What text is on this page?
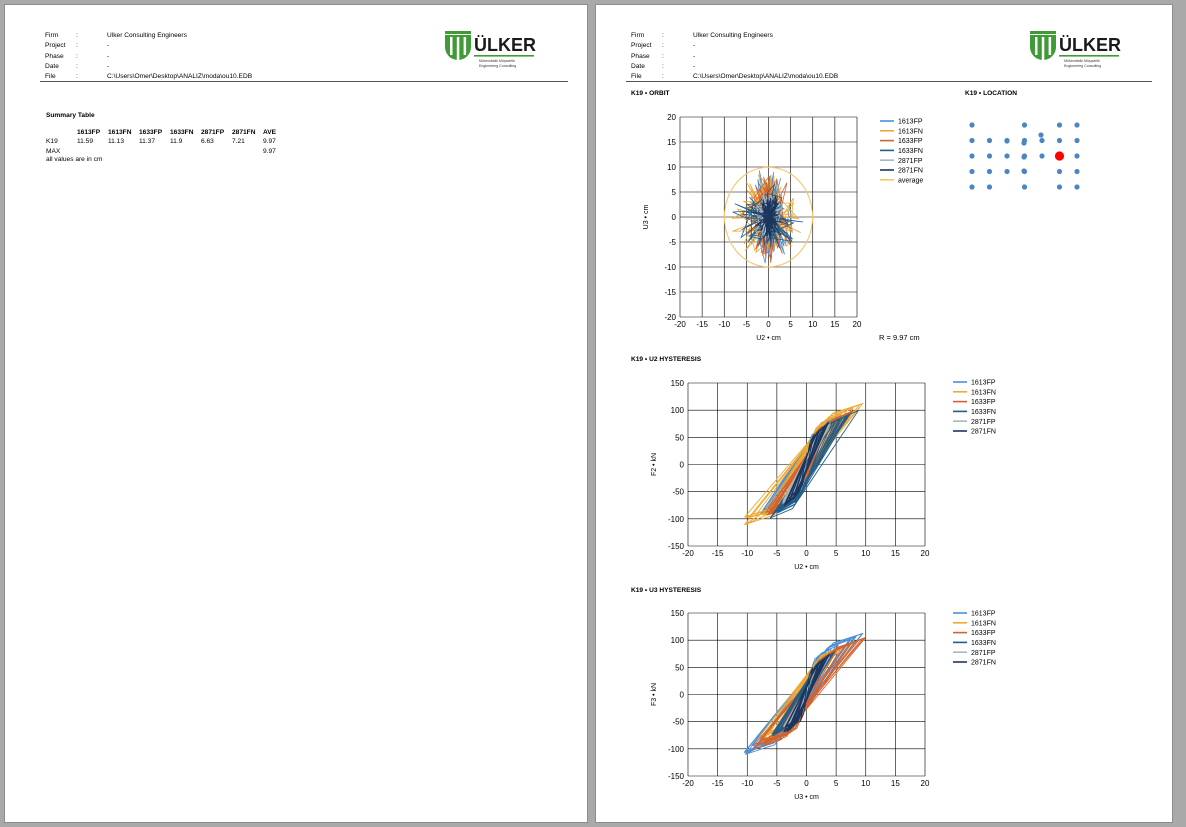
Firm	:	Ulker Consulting Engineers
Project	:	-
Phase	:	-
Date	:	-
File	:	C:\Users\Omer\Desktop\ANALIZ\moda\ou10.EDB
ÜLKER
Mühendislik Müşavirlik
Engineering Consulting
Summary Table
	1613FP	1613FN	1633FP	1633FN	2871FP	2871FN	AVE
K19	11.59	11.13	11.37	11.9	6.63	7.21	9.97
MAX							9.97
all values are in cm
Firm	:	Ulker Consulting Engineers
Project	:	-
Phase	:	-
Date	:	-
File	:	C:\Users\Omer\Desktop\ANALIZ\moda\ou10.EDB
ÜLKER
Mühendislik Müşavirlik
Engineering Consulting
K19 • ORBIT	K19 • LOCATION
K19 • U2 HYSTERESIS
K19 • U3 HYSTERESIS
-20 -15 -10 -5 0 5 10 15 20
-20
-15
-10
-5
0
5
10
15
20
U2 • cm
U3 • cm
1613FP
1613FN
1633FP
1633FN
2871FP
2871FN
average
-20 -15 -10	-5	0	5	10	15	20
-150
-100
-50
0
50
100
150
U2 • cm
F2 • kN
1613FP
1613FN
1633FP
1633FN
2871FP
2871FN
-20 -15 -10	-5	0	5	10	15	20
-150
-100
-50
0
50
100
150
U3 • cm
F3 • kN
1613FP
1613FN
1633FP
1633FN
2871FP
2871FN
R = 9.97 cm
